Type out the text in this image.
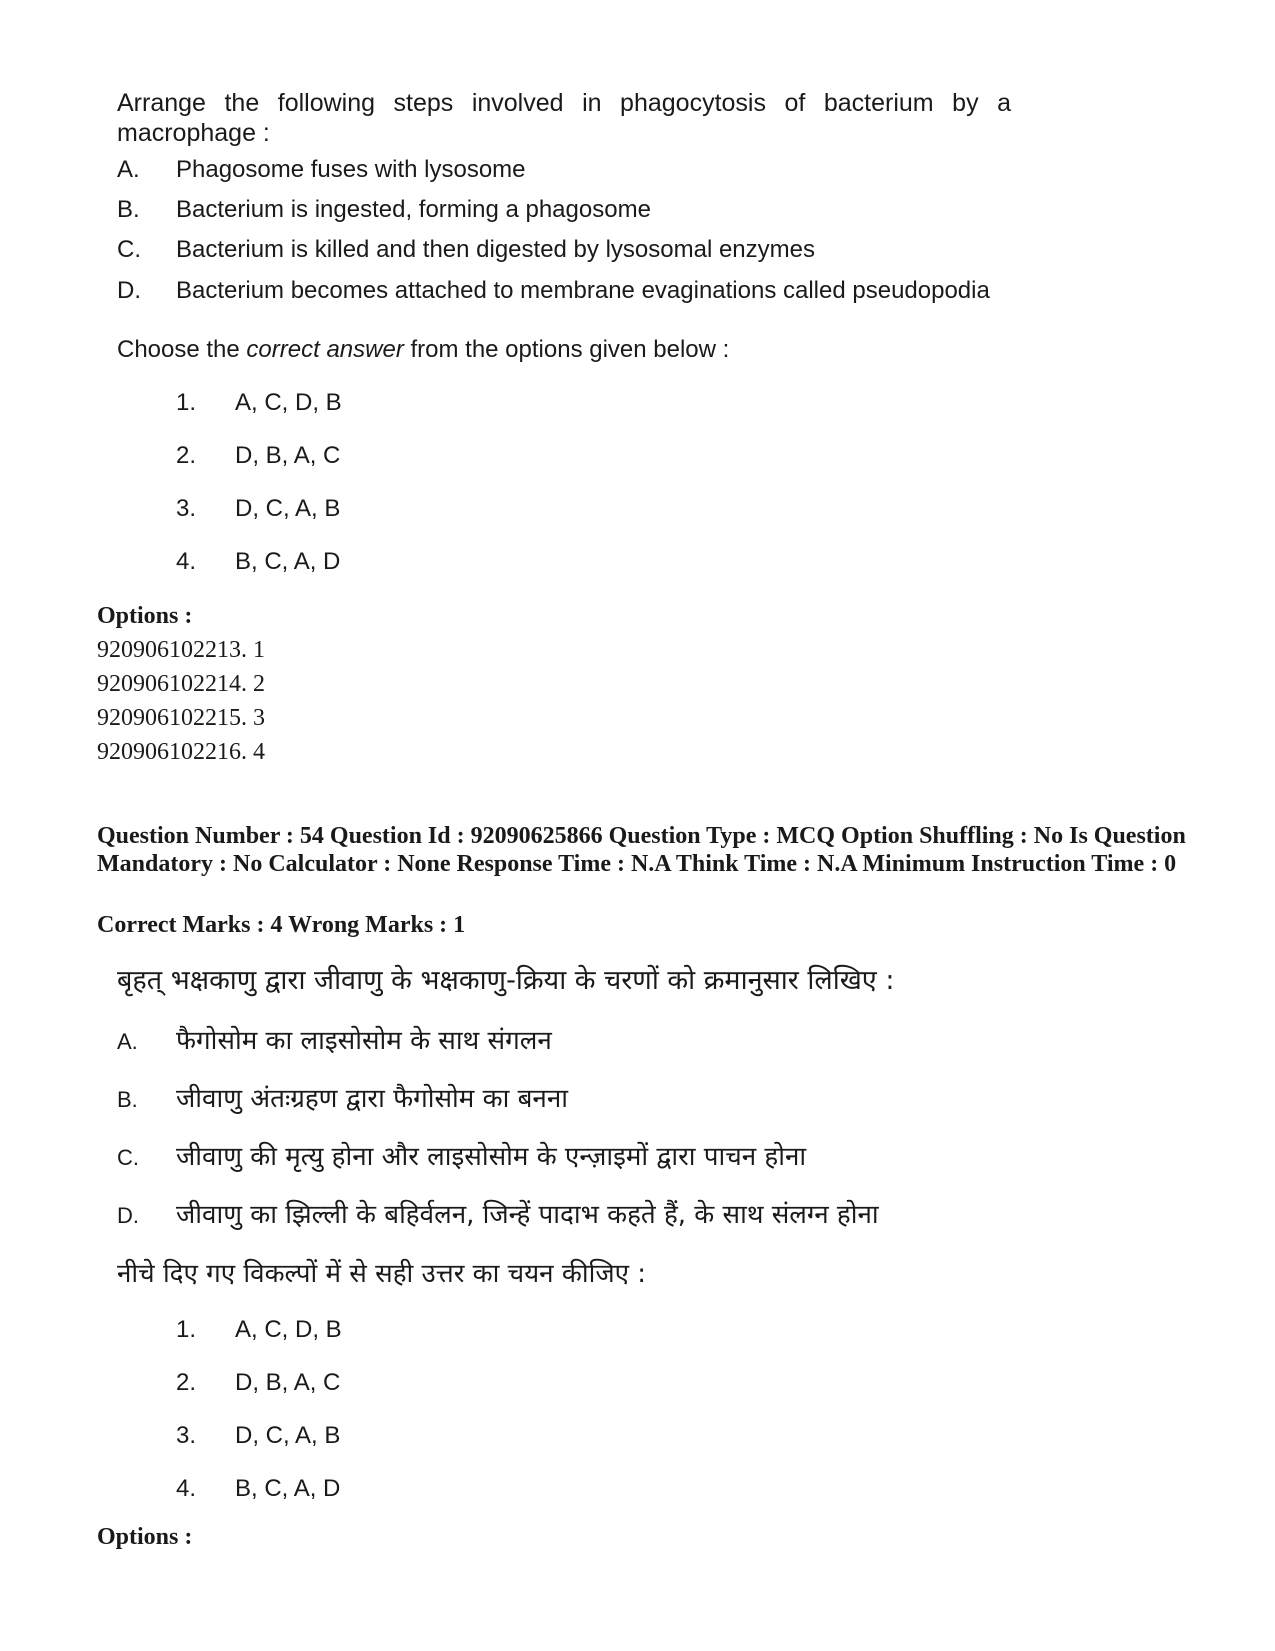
Arrange the following steps involved in phagocytosis of bacterium by a macrophage :
A. Phagosome fuses with lysosome
B. Bacterium is ingested, forming a phagosome
C. Bacterium is killed and then digested by lysosomal enzymes
D. Bacterium becomes attached to membrane evaginations called pseudopodia
Choose the correct answer from the options given below :
1. A, C, D, B
2. D, B, A, C
3. D, C, A, B
4. B, C, A, D
Options :
920906102213. 1
920906102214. 2
920906102215. 3
920906102216. 4
Question Number : 54 Question Id : 92090625866 Question Type : MCQ Option Shuffling : No Is Question Mandatory : No Calculator : None Response Time : N.A Think Time : N.A Minimum Instruction Time : 0
Correct Marks : 4 Wrong Marks : 1
बृहत् भक्षकाणु द्वारा जीवाणु के भक्षकाणु-क्रिया के चरणों को क्रमानुसार लिखिए :
A. फैगोसोम का लाइसोसोम के साथ संगलन
B. जीवाणु अंतःग्रहण द्वारा फैगोसोम का बनना
C. जीवाणु की मृत्यु होना और लाइसोसोम के एन्ज़ाइमों द्वारा पाचन होना
D. जीवाणु का झिल्ली के बहिर्वलन, जिन्हें पादाभ कहते हैं, के साथ संलग्न होना
नीचे दिए गए विकल्पों में से सही उत्तर का चयन कीजिए :
1. A, C, D, B
2. D, B, A, C
3. D, C, A, B
4. B, C, A, D
Options :
